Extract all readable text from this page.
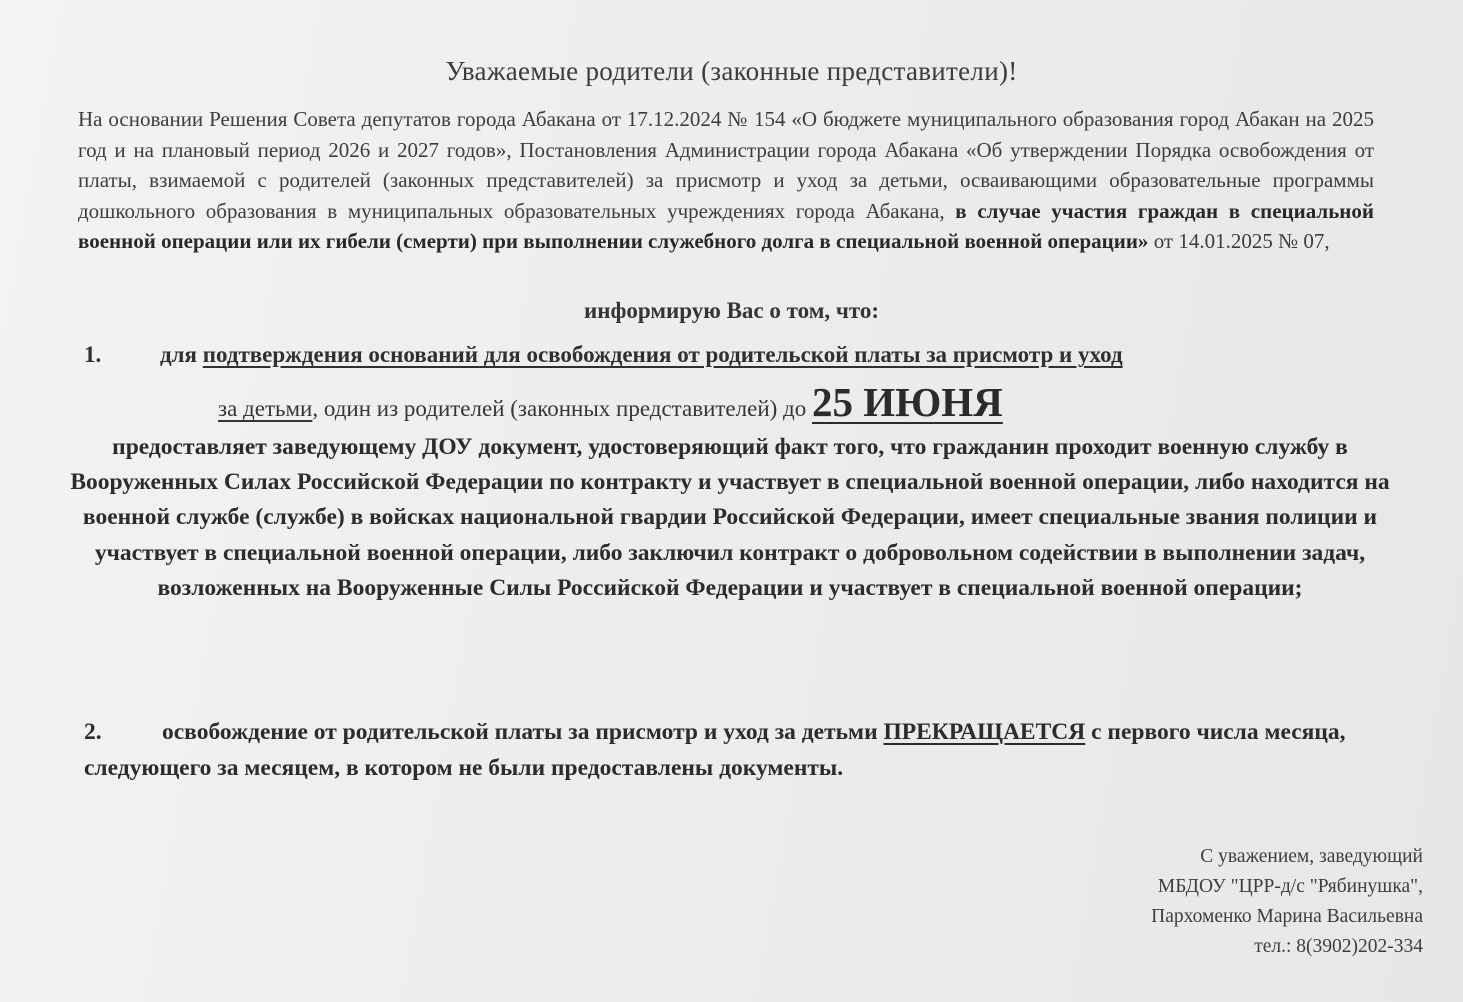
Уважаемые родители (законные представители)!
На основании Решения Совета депутатов города Абакана от 17.12.2024 № 154 «О бюджете муниципального образования город Абакан на 2025 год и на плановый период 2026 и 2027 годов», Постановления Администрации города Абакана «Об утверждении Порядка освобождения от платы, взимаемой с родителей (законных представителей) за присмотр и уход за детьми, осваивающими образовательные программы дошкольного образования в муниципальных образовательных учреждениях города Абакана, в случае участия граждан в специальной военной операции или их гибели (смерти) при выполнении служебного долга в специальной военной операции» от 14.01.2025 № 07,
информирую Вас о том, что:
1.	для подтверждения оснований для освобождения от родительской платы за присмотр и уход
за детьми, один из родителей (законных представителей) до 25 ИЮНЯ
предоставляет заведующему ДОУ документ, удостоверяющий факт того, что гражданин проходит военную службу в Вооруженных Силах Российской Федерации по контракту и участвует в специальной военной операции, либо находится на военной службе (службе) в войсках национальной гвардии Российской Федерации, имеет специальные звания полиции и участвует в специальной военной операции, либо заключил контракт о добровольном содействии в выполнении задач, возложенных на Вооруженные Силы Российской Федерации и участвует в специальной военной операции;
2.	освобождение от родительской платы за присмотр и уход за детьми ПРЕКРАЩАЕТСЯ с первого числа месяца, следующего за месяцем, в котором не были предоставлены документы.
С уважением, заведующий
МБДОУ "ЦРР-д/с "Рябинушка",
Пархоменко Марина Васильевна
тел.: 8(3902)202-334
